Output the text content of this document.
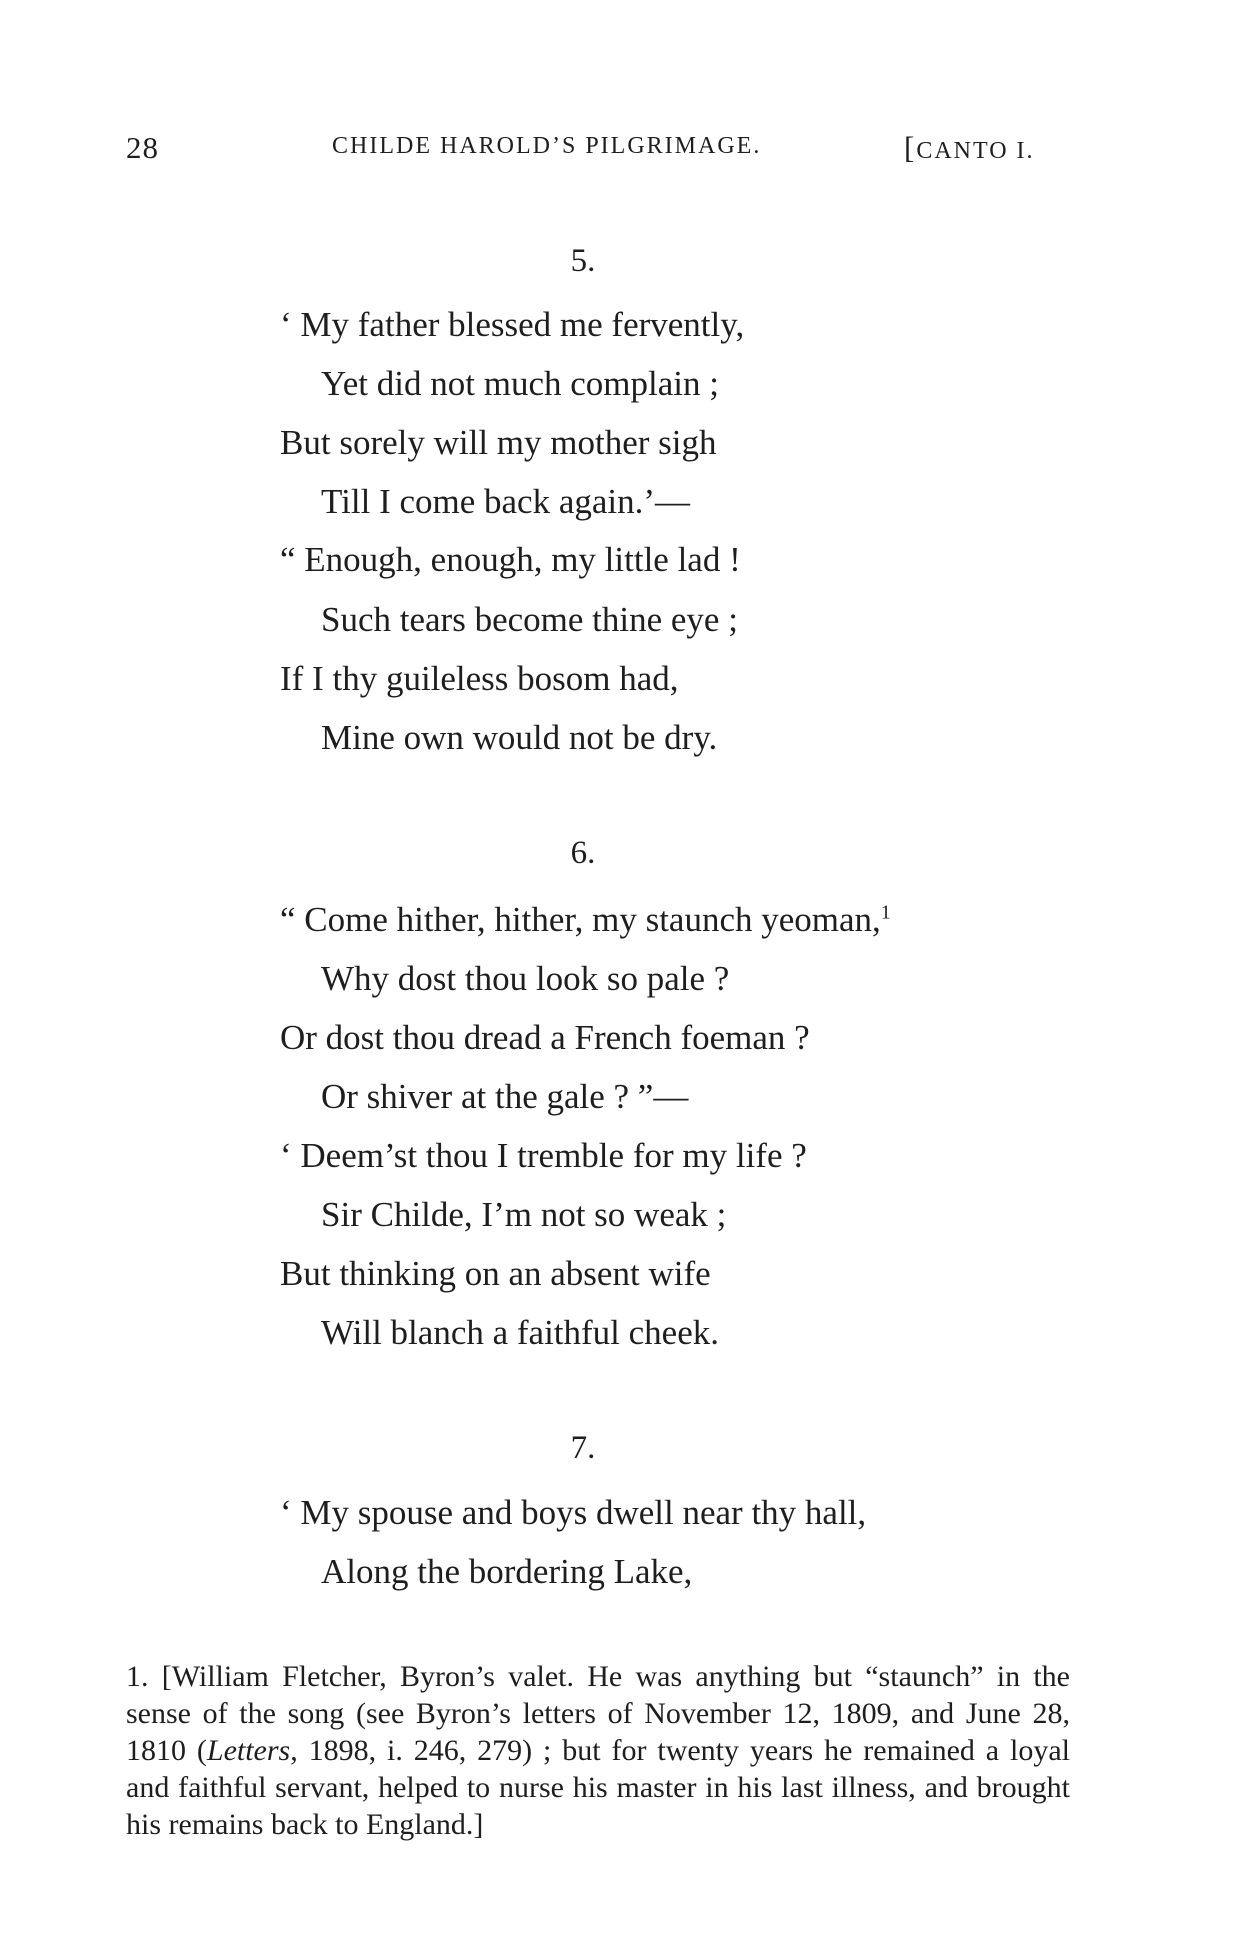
28	CHILDE HAROLD’S PILGRIMAGE.	[CANTO I.
5.
‘ My father blessed me fervently,
Yet did not much complain ;
But sorely will my mother sigh
Till I come back again.’—
“ Enough, enough, my little lad !
Such tears become thine eye ;
If I thy guileless bosom had,
Mine own would not be dry.
6.
“ Come hither, hither, my staunch yeoman,$^1$
Why dost thou look so pale ?
Or dost thou dread a French foeman ?
Or shiver at the gale ? ”—
‘ Deem’st thou I tremble for my life ?
Sir Childe, I’m not so weak ;
But thinking on an absent wife
Will blanch a faithful cheek.
7.
‘ My spouse and boys dwell near thy hall,
Along the bordering Lake,
1. [William Fletcher, Byron’s valet. He was anything but “staunch” in the sense of the song (see Byron’s letters of November 12, 1809, and June 28, 1810 (Letters, 1898, i. 246, 279) ; but for twenty years he remained a loyal and faithful servant, helped to nurse his master in his last illness, and brought his remains back to England.]
